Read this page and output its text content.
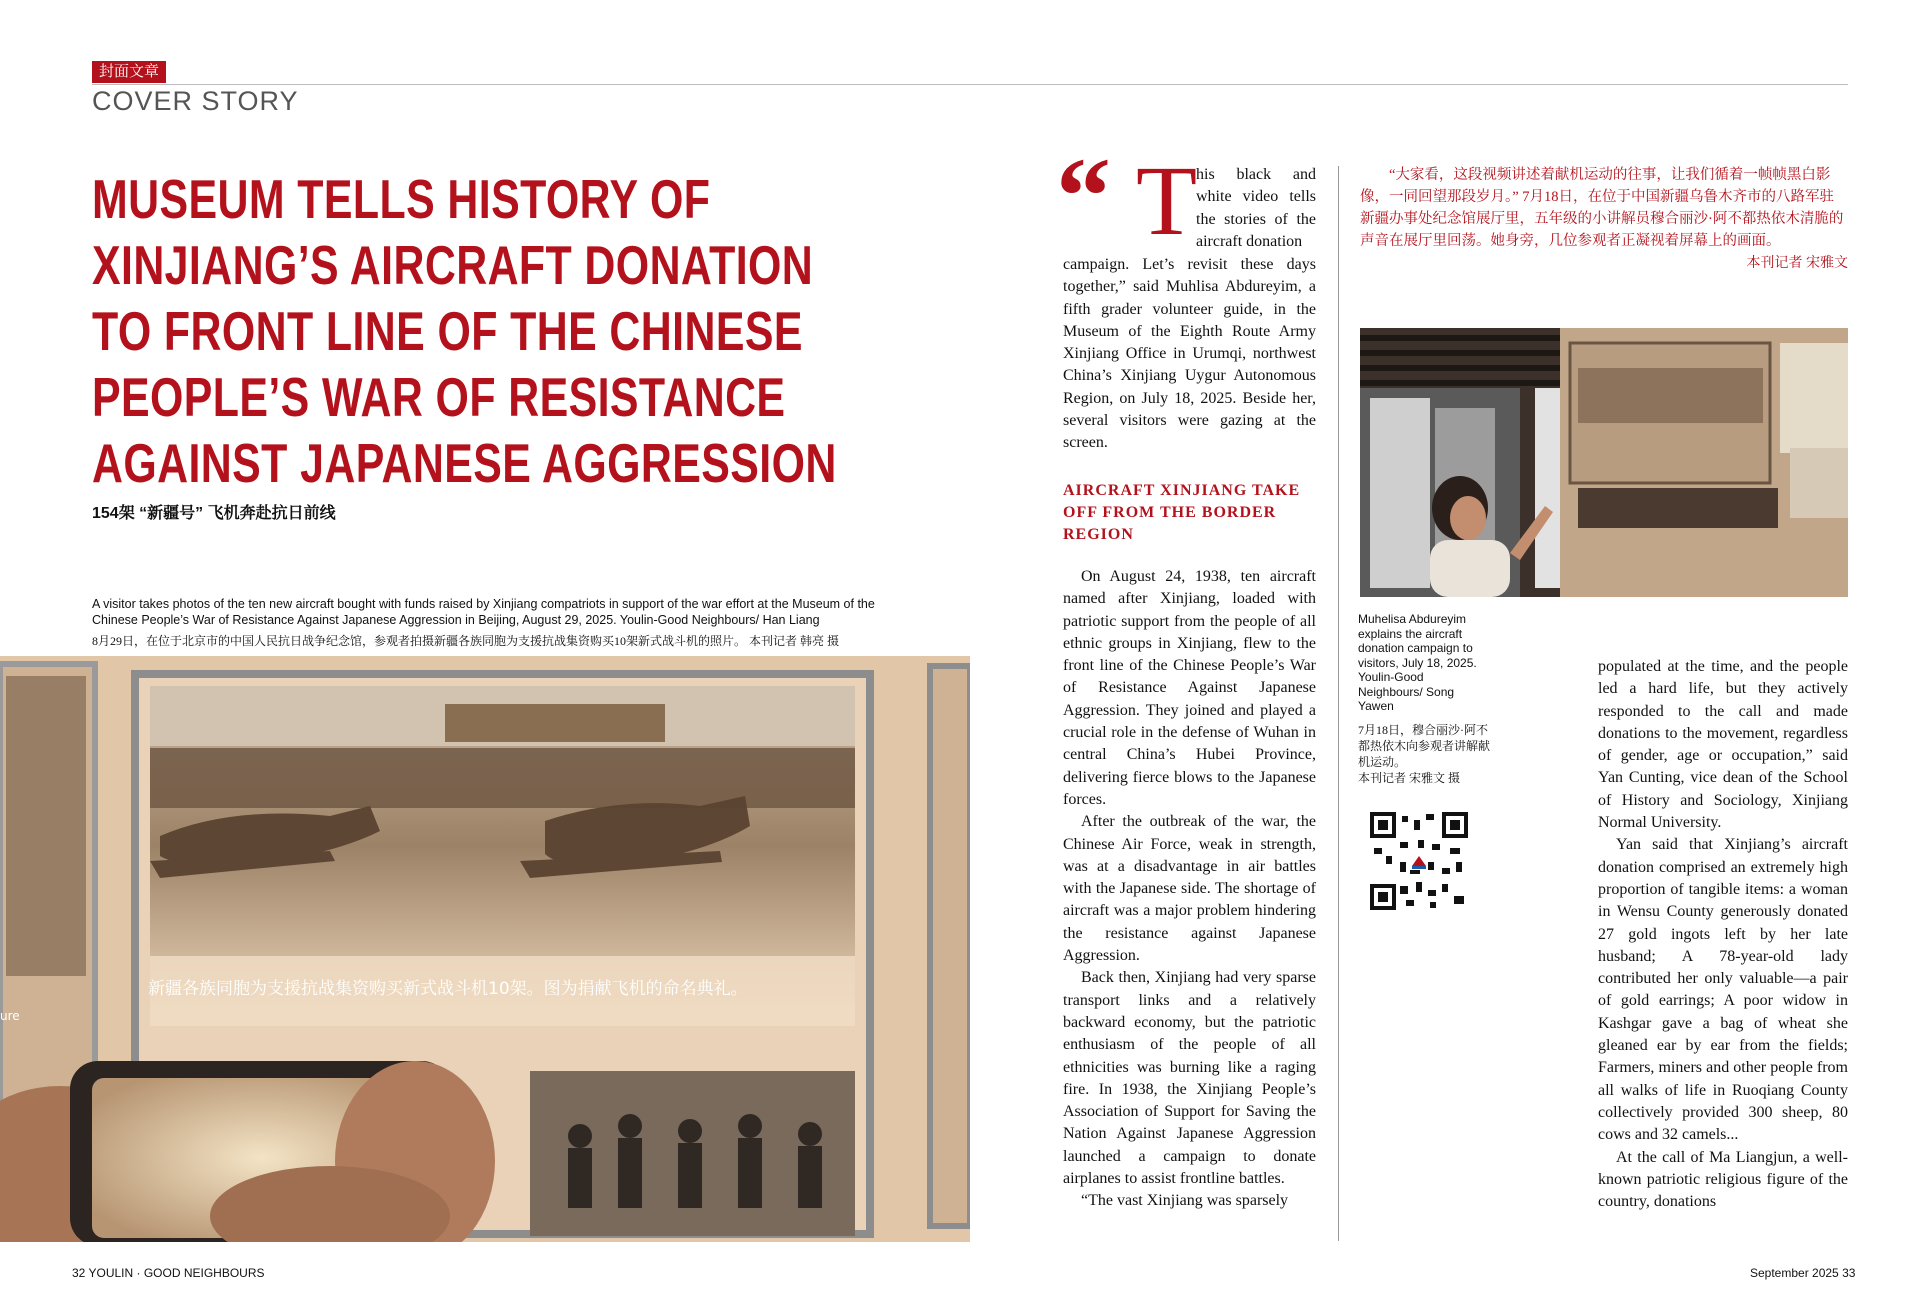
封面文章
COVER STORY
MUSEUM TELLS HISTORY OF XINJIANG’S AIRCRAFT DONATION TO FRONT LINE OF THE CHINESE PEOPLE’S WAR OF RESISTANCE AGAINST JAPANESE AGGRESSION
154架 “新疆号” 飞机奔赴抗日前线
A visitor takes photos of the ten new aircraft bought with funds raised by Xinjiang compatriots in support of the war effort at the Museum of the Chinese People’s War of Resistance Against Japanese Aggression in Beijing, August 29, 2025. Youlin-Good Neighbours/ Han Liang
8月29日，在位于北京市的中国人民抗日战争纪念馆，参观者拍摄新疆各族同胞为支援抗战集资购买10架新式战斗机的照片。 本刊记者 韩亮 摄
新疆各族同胞为支援抗战集资购买新式战斗机10架。图为捐献飞机的命名典礼。
ure
“ T
his black and white video tells the stories of the aircraft donation

campaign. Let’s revisit these days together,” said Muhlisa Abdureyim, a fifth grader volunteer guide, in the Museum of the Eighth Route Army Xinjiang Office in Urumqi, northwest China’s Xinjiang Uygur Autonomous Region, on July 18, 2025. Beside her, several visitors were gazing at the screen.

AIRCRAFT XINJIANG TAKE OFF FROM THE BORDER REGION

On August 24, 1938, ten aircraft named after Xinjiang, loaded with patriotic support from the people of all ethnic groups in Xinjiang, flew to the front line of the Chinese People’s War of Resistance Against Japanese Aggression. They joined and played a crucial role in the defense of Wuhan in central China’s Hubei Province, delivering fierce blows to the Japanese forces.

After the outbreak of the war, the Chinese Air Force, weak in strength, was at a disadvantage in air battles with the Japanese side. The shortage of aircraft was a major problem hindering the resistance against Japanese Aggression.

Back then, Xinjiang had very sparse transport links and a relatively backward economy, but the patriotic enthusiasm of the people of all ethnicities was burning like a raging fire. In 1938, the Xinjiang People’s Association of Support for Saving the Nation Against Japanese Aggression launched a campaign to donate airplanes to assist frontline battles.

“The vast Xinjiang was sparsely

“大家看，这段视频讲述着献机运动的往事，让我们循着一帧帧黑白影像，一同回望那段岁月。” 7月18日，在位于中国新疆乌鲁木齐市的八路军驻新疆办事处纪念馆展厅里，五年级的小讲解员穆合丽沙·阿不都热依木清脆的声音在展厅里回荡。她身旁，几位参观者正凝视着屏幕上的画面。
本刊记者 宋雅文
Muhelisa Abdureyim explains the aircraft donation campaign to visitors, July 18, 2025. Youlin-Good Neighbours/ Song Yawen
7月18日，穆合丽沙·阿不都热依木向参观者讲解献机运动。
本刊记者 宋雅文 摄

populated at the time, and the people led a hard life, but they actively responded to the call and made donations to the movement, regardless of gender, age or occupation,” said Yan Cunting, vice dean of the School of History and Sociology, Xinjiang Normal University.

Yan said that Xinjiang’s aircraft donation comprised an extremely high proportion of tangible items: a woman in Wensu County generously donated 27 gold ingots left by her late husband; A 78-year-old lady contributed her only valuable—a pair of gold earrings; A poor widow in Kashgar gave a bag of wheat she gleaned ear by ear from the fields; Farmers, miners and other people from all walks of life in Ruoqiang County collectively provided 300 sheep, 80 cows and 32 camels...

At the call of Ma Liangjun, a well-known patriotic religious figure of the country, donations

32 YOULIN · GOOD NEIGHBOURS	September 2025 33
